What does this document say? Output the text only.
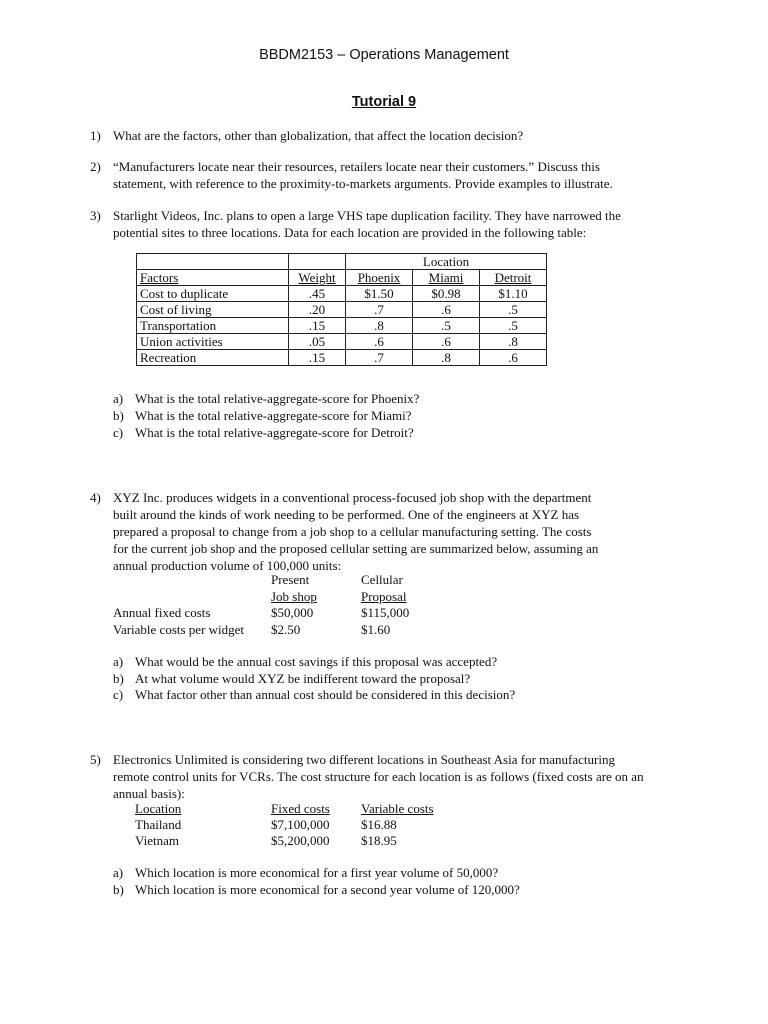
BBDM2153 – Operations Management
Tutorial 9
1) What are the factors, other than globalization, that affect the location decision?
2) “Manufacturers locate near their resources, retailers locate near their customers.” Discuss this
statement, with reference to the proximity-to-markets arguments. Provide examples to illustrate.
3) Starlight Videos, Inc. plans to open a large VHS tape duplication facility. They have narrowed the
potential sites to three locations. Data for each location are provided in the following table:
		Location		
Factors	Weight	Phoenix	Miami	Detroit
Cost to duplicate	.45	$1.50	$0.98	$1.10
Cost of living	.20	.7	.6	.5
Transportation	.15	.8	.5	.5
Union activities	.05	.6	.6	.8
Recreation	.15	.7	.8	.6
a) What is the total relative-aggregate-score for Phoenix?
b) What is the total relative-aggregate-score for Miami?
c) What is the total relative-aggregate-score for Detroit?
4) XYZ Inc. produces widgets in a conventional process-focused job shop with the department
built around the kinds of work needing to be performed. One of the engineers at XYZ has
prepared a proposal to change from a job shop to a cellular manufacturing setting. The costs
for the current job shop and the proposed cellular setting are summarized below, assuming an
annual production volume of 100,000 units:
Present	Cellular
Job shop	Proposal
Annual fixed costs	$50,000	$115,000
Variable costs per widget $2.50	$1.60
a) What would be the annual cost savings if this proposal was accepted?
b) At what volume would XYZ be indifferent toward the proposal?
c) What factor other than annual cost should be considered in this decision?
5) Electronics Unlimited is considering two different locations in Southeast Asia for manufacturing
remote control units for VCRs. The cost structure for each location is as follows (fixed costs are on an
annual basis):
Location	Fixed costs Variable costs
Thailand	$7,100,000 $16.88
Vietnam	$5,200,000 $18.95
a) Which location is more economical for a first year volume of 50,000?
b) Which location is more economical for a second year volume of 120,000?
